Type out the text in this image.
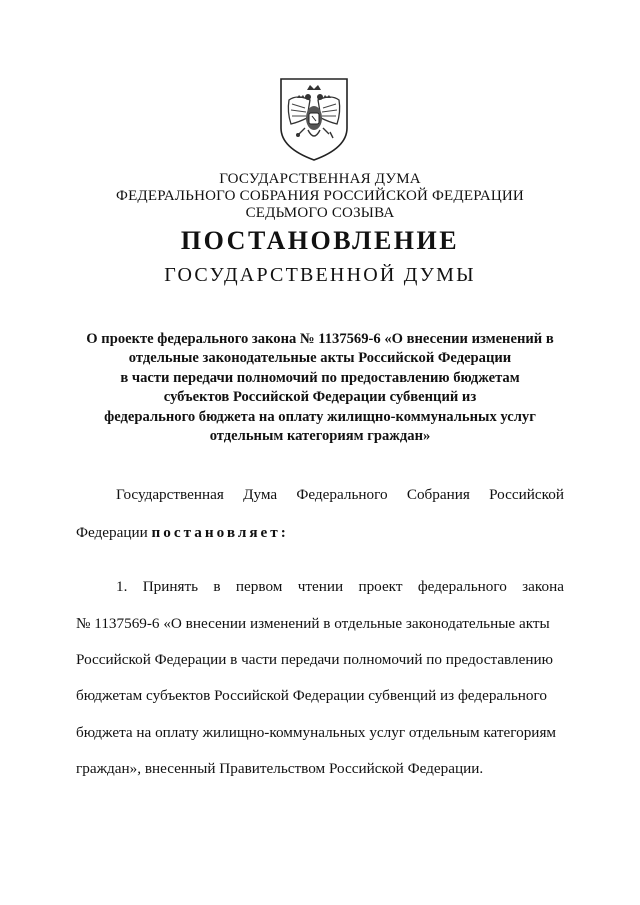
ГОСУДАРСТВЕННАЯ ДУМА
ФЕДЕРАЛЬНОГО СОБРАНИЯ РОССИЙСКОЙ ФЕДЕРАЦИИ
СЕДЬМОГО СОЗЫВА
ПОСТАНОВЛЕНИЕ
ГОСУДАРСТВЕННОЙ ДУМЫ
О проекте федерального закона № 1137569-6 «О внесении изменений в
отдельные законодательные акты Российской Федерации
в части передачи полномочий по предоставлению бюджетам
субъектов Российской Федерации субвенций из
федерального бюджета на оплату жилищно-коммунальных услуг
отдельным категориям граждан»
Государственная Дума Федерального Собрания Российской
Федерации постановляет:
1. Принять в первом чтении проект федерального закона
№ 1137569-6 «О внесении изменений в отдельные законодательные акты
Российской Федерации в части передачи полномочий по предоставлению
бюджетам субъектов Российской Федерации субвенций из федерального
бюджета на оплату жилищно-коммунальных услуг отдельным категориям
граждан», внесенный Правительством Российской Федерации.
